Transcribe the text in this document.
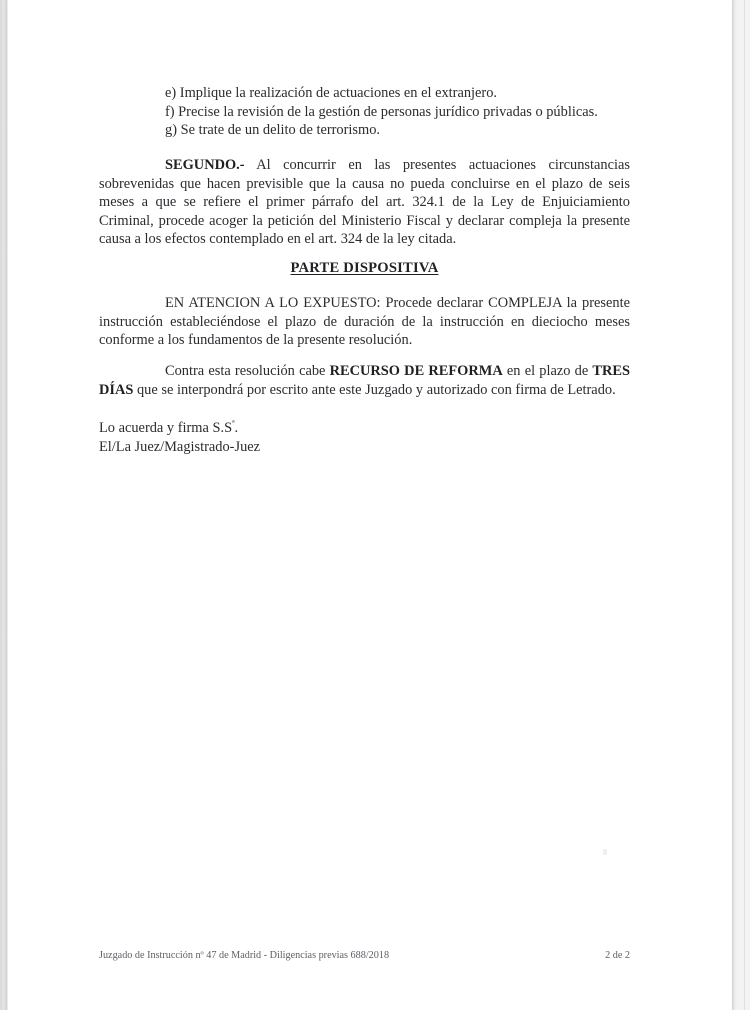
e) Implique la realización de actuaciones en el extranjero.
f) Precise la revisión de la gestión de personas jurídico privadas o públicas.
g) Se trate de un delito de terrorismo.

SEGUNDO.- Al concurrir en las presentes actuaciones circunstancias sobrevenidas que hacen previsible que la causa no pueda concluirse en el plazo de seis meses a que se refiere el primer párrafo del art. 324.1 de la Ley de Enjuiciamiento Criminal, procede acoger la petición del Ministerio Fiscal y declarar compleja la presente causa a los efectos contemplado en el art. 324 de la ley citada.

PARTE DISPOSITIVA

EN ATENCION A LO EXPUESTO: Procede declarar COMPLEJA la presente instrucción estableciéndose el plazo de duración de la instrucción en dieciocho meses conforme a los fundamentos de la presente resolución.

Contra esta resolución cabe RECURSO DE REFORMA en el plazo de TRES DÍAS que se interpondrá por escrito ante este Juzgado y autorizado con firma de Letrado.

Lo acuerda y firma $S.S^ª$.
El/La Juez/Magistrado-Juez
Juzgado de Instrucción nº 47 de Madrid - Diligencias previas 688/2018	2 de 2
